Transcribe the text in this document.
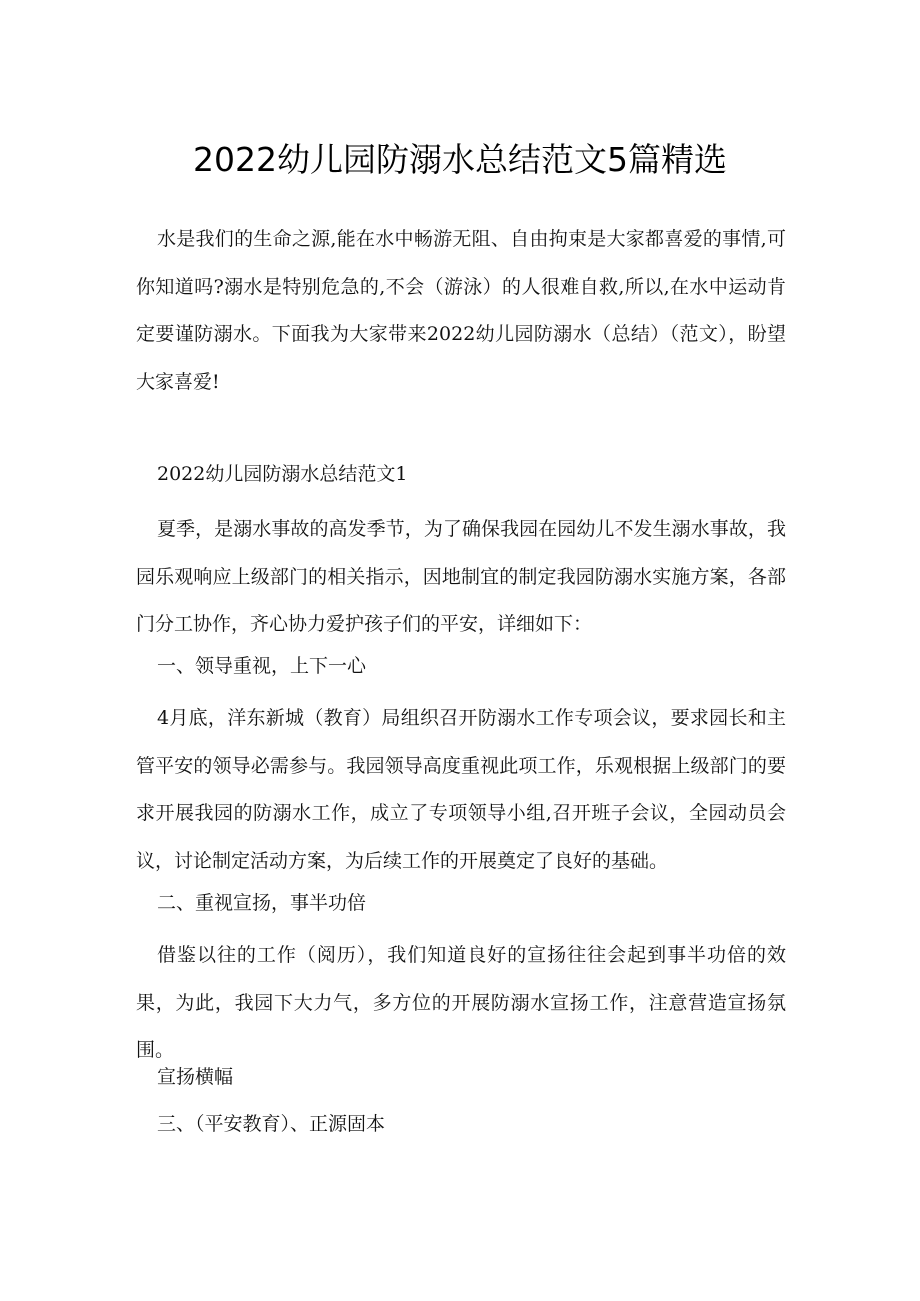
2022幼儿园防溺水总结范文5篇精选

水是我们的生命之源,能在水中畅游无阻、自由拘束是大家都喜爱的事情,可你知道吗?溺水是特别危急的,不会（游泳）的人很难自救,所以,在水中运动肯定要谨防溺水。下面我为大家带来2022幼儿园防溺水（总结）（范文），盼望大家喜爱!

2022幼儿园防溺水总结范文1

夏季，是溺水事故的高发季节，为了确保我园在园幼儿不发生溺水事故，我园乐观响应上级部门的相关指示，因地制宜的制定我园防溺水实施方案，各部门分工协作，齐心协力爱护孩子们的平安，详细如下：

一、领导重视，上下一心

4月底，洋东新城（教育）局组织召开防溺水工作专项会议，要求园长和主管平安的领导必需参与。我园领导高度重视此项工作，乐观根据上级部门的要求开展我园的防溺水工作，成立了专项领导小组,召开班子会议，全园动员会议，讨论制定活动方案，为后续工作的开展奠定了良好的基础。

二、重视宣扬，事半功倍

借鉴以往的工作（阅历），我们知道良好的宣扬往往会起到事半功倍的效果，为此，我园下大力气，多方位的开展防溺水宣扬工作，注意营造宣扬氛围。

宣扬横幅
三、（平安教育）、正源固本
